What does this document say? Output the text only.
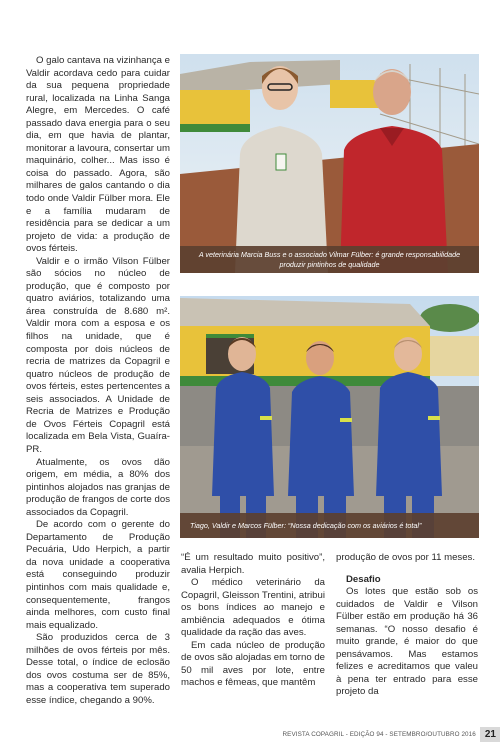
O galo cantava na vizinhança e Valdir acordava cedo para cuidar da sua pequena propriedade rural, localizada na Linha Sanga Alegre, em Mercedes. O café passado dava energia para o seu dia, em que havia de plantar, monitorar a lavoura, consertar um maquinário, colher... Mas isso é coisa do passado. Agora, são milhares de galos cantando o dia todo onde Valdir Fülber mora. Ele e a família mudaram de residência para se dedicar a um projeto de vida: a produção de ovos férteis.

Valdir e o irmão Vilson Fülber são sócios no núcleo de produção, que é composto por quatro aviários, totalizando uma área construída de 8.680 m². Valdir mora com a esposa e os filhos na unidade, que é composta por dois núcleos de recria de matrizes da Copagril e quatro núcleos de produção de ovos férteis, estes pertencentes a seis associados. A Unidade de Recria de Matrizes e Produção de Ovos Férteis Copagril está localizada em Bela Vista, Guaíra-PR.

Atualmente, os ovos dão origem, em média, a 80% dos pintinhos alojados nas granjas de produção de frangos de corte dos associados da Copagril.

De acordo com o gerente do Departamento de Produção Pecuária, Udo Herpich, a partir da nova unidade a cooperativa está conseguindo produzir pintinhos com mais qualidade e, consequentemente, frangos ainda melhores, com custo final mais equalizado.

São produzidos cerca de 3 milhões de ovos férteis por mês. Desse total, o índice de eclosão dos ovos costuma ser de 85%, mas a cooperativa tem superado esse índice, chegando a 90%.

A veterinária Marcia Buss e o associado Vilmar Fülber: é grande responsabilidade produzir pintinhos de qualidade
Tiago, Valdir e Marcos Fülber: “Nossa dedicação com os aviários é total”

“É um resultado muito positivo”, avalia Herpich.

O médico veterinário da Copagril, Gleisson Trentini, atribui os bons índices ao manejo e ambiência adequados e ótima qualidade da ração das aves.

Em cada núcleo de produção de ovos são alojadas em torno de 50 mil aves por lote, entre machos e fêmeas, que mantêm

produção de ovos por 11 meses.

Desafio

Os lotes que estão sob os cuidados de Valdir e Vilson Fülber estão em produção há 36 semanas. “O nosso desafio é muito grande, é maior do que pensávamos. Mas estamos felizes e acreditamos que valeu à pena ter entrado para esse projeto da

REVISTA COPAGRIL - EDIÇÃO 94 - SETEMBRO/OUTUBRO 2016 21
